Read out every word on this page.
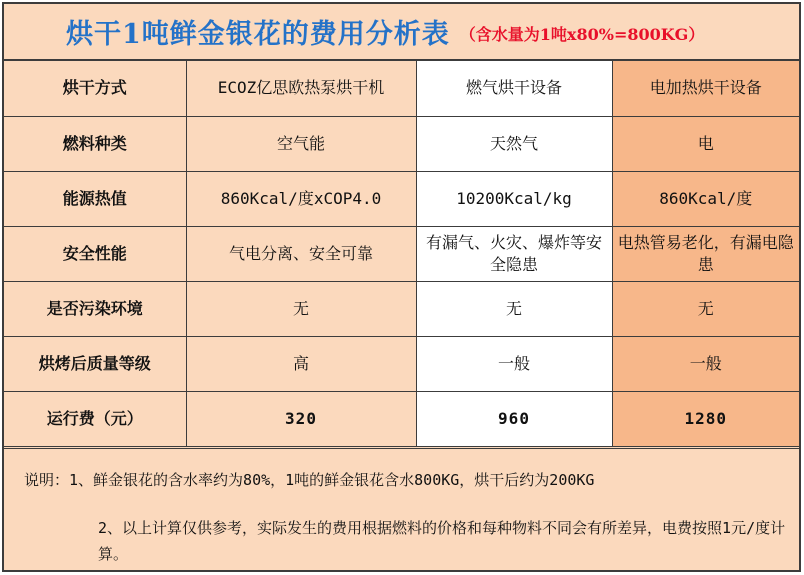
烘干1吨鲜金银花的费用分析表 （含水量为1吨x80%=800KG）
烘干方式	ECOZ亿思欧热泵烘干机	燃气烘干设备	电加热烘干设备
燃料种类	空气能	天然气	电
能源热值	860Kcal/度xCOP4.0	10200Kcal/kg	860Kcal/度
安全性能	气电分离、安全可靠	有漏气、火灾、爆炸等安全隐患	电热管易老化，有漏电隐患
是否污染环境	无	无	无
烘烤后质量等级	高	一般	一般
运行费（元）	320	960	1280
说明：1、鲜金银花的含水率约为80%，1吨的鲜金银花含水800KG，烘干后约为200KG
2、以上计算仅供参考，实际发生的费用根据燃料的价格和每种物料不同会有所差异，电费按照1元/度计算。
